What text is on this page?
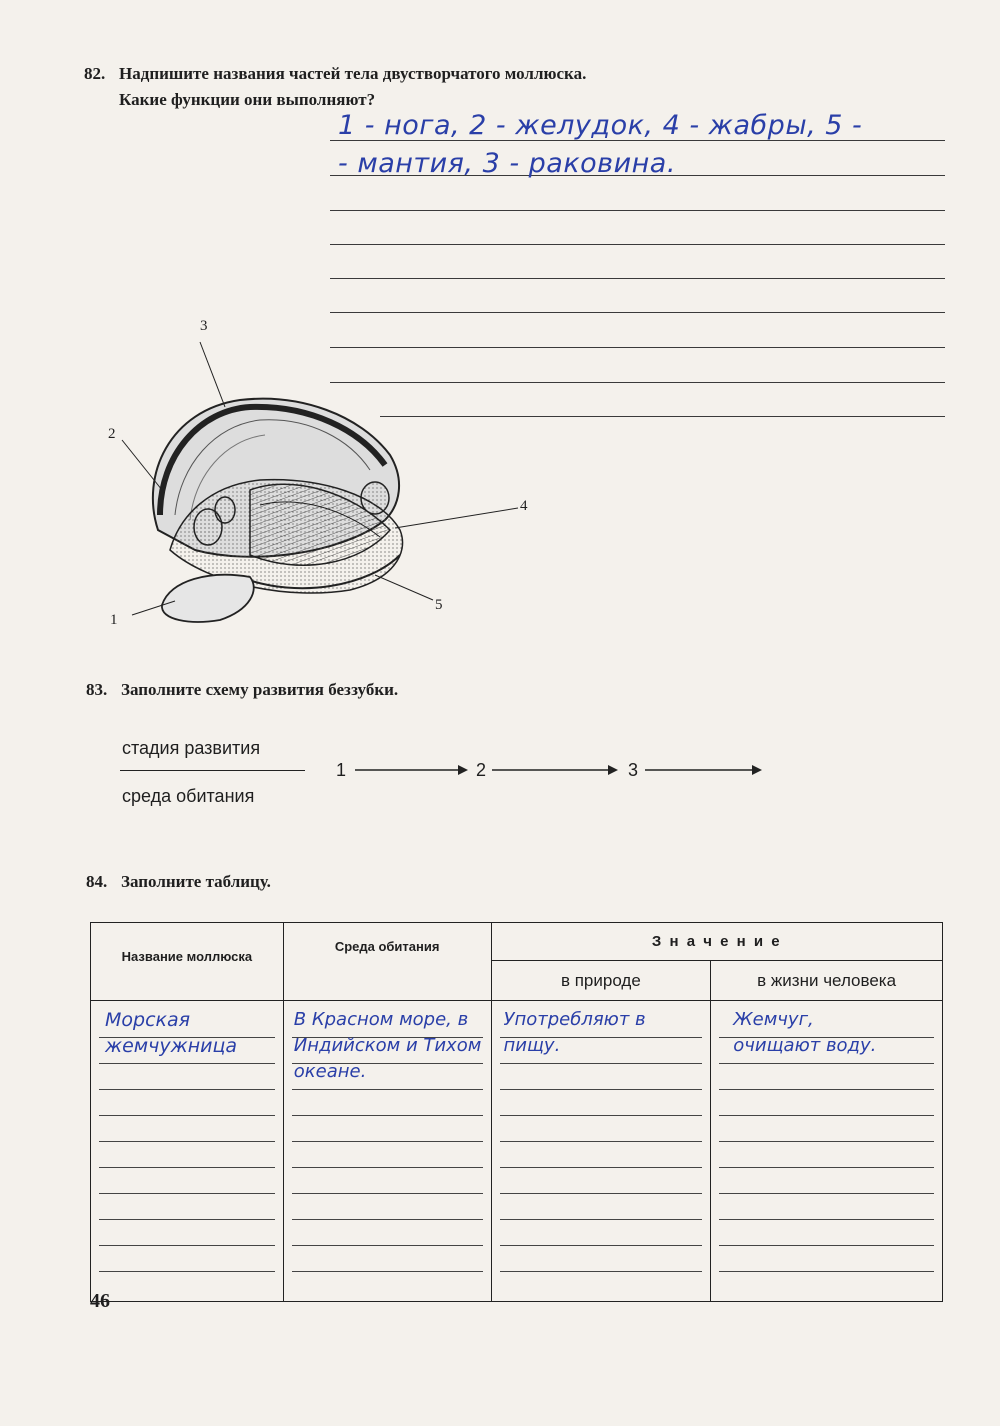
82. Надпишите названия частей тела двустворчатого моллюска.
Какие функции они выполняют?
1 - нога, 2 - желудок, 4 - жабры, 5 -
- мантия, 3 - раковина.
3
2
4
5
1
83. Заполните схему развития беззубки.
стадия развития
среда обитания
1	2	3
84. Заполните таблицу.
Название моллюска	Среда обитания	З н а ч е н и е	
		в природе	в жизни человека

Морская жемчужница	В Красном море, в Индийском и Тихом океане.	Употребляют в пищу.	Жемчуг, очищают воду.
46
